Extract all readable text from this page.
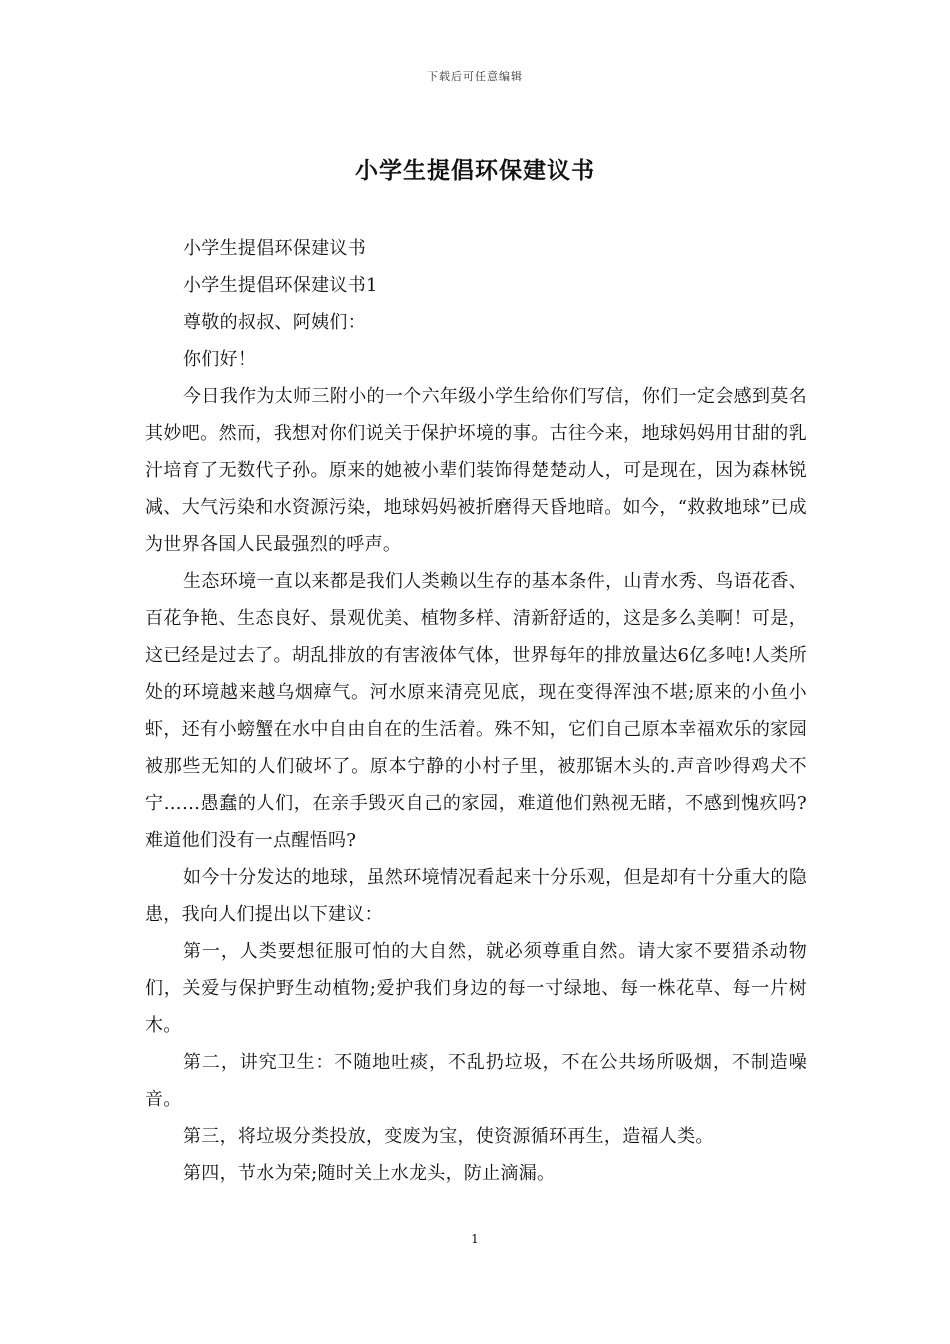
下载后可任意编辑
小学生提倡环保建议书

小学生提倡环保建议书

小学生提倡环保建议书1

尊敬的叔叔、阿姨们：

你们好！

今日我作为太师三附小的一个六年级小学生给你们写信，你们一定会感到莫名其妙吧。然而，我想对你们说关于保护坏境的事。古往今来，地球妈妈用甘甜的乳汁培育了无数代子孙。原来的她被小辈们装饰得楚楚动人，可是现在，因为森林锐减、大气污染和水资源污染，地球妈妈被折磨得天昏地暗。如今，“救救地球”已成为世界各国人民最强烈的呼声。

生态环境一直以来都是我们人类赖以生存的基本条件，山青水秀、鸟语花香、百花争艳、生态良好、景观优美、植物多样、清新舒适的，这是多么美啊！可是，这已经是过去了。胡乱排放的有害液体气体，世界每年的排放量达6亿多吨!人类所处的环境越来越乌烟瘴气。河水原来清亮见底，现在变得浑浊不堪;原来的小鱼小虾，还有小螃蟹在水中自由自在的生活着。殊不知，它们自己原本幸福欢乐的家园被那些无知的人们破坏了。原本宁静的小村子里，被那锯木头的.声音吵得鸡犬不宁……愚蠢的人们，在亲手毁灭自己的家园，难道他们熟视无睹，不感到愧疚吗?难道他们没有一点醒悟吗?

如今十分发达的地球，虽然环境情况看起来十分乐观，但是却有十分重大的隐患，我向人们提出以下建议：

第一，人类要想征服可怕的大自然，就必须尊重自然。请大家不要猎杀动物们，关爱与保护野生动植物;爱护我们身边的每一寸绿地、每一株花草、每一片树木。

第二，讲究卫生：不随地吐痰，不乱扔垃圾，不在公共场所吸烟，不制造噪音。

第三，将垃圾分类投放，变废为宝，使资源循环再生，造福人类。

第四，节水为荣;随时关上水龙头，防止滴漏。

1
